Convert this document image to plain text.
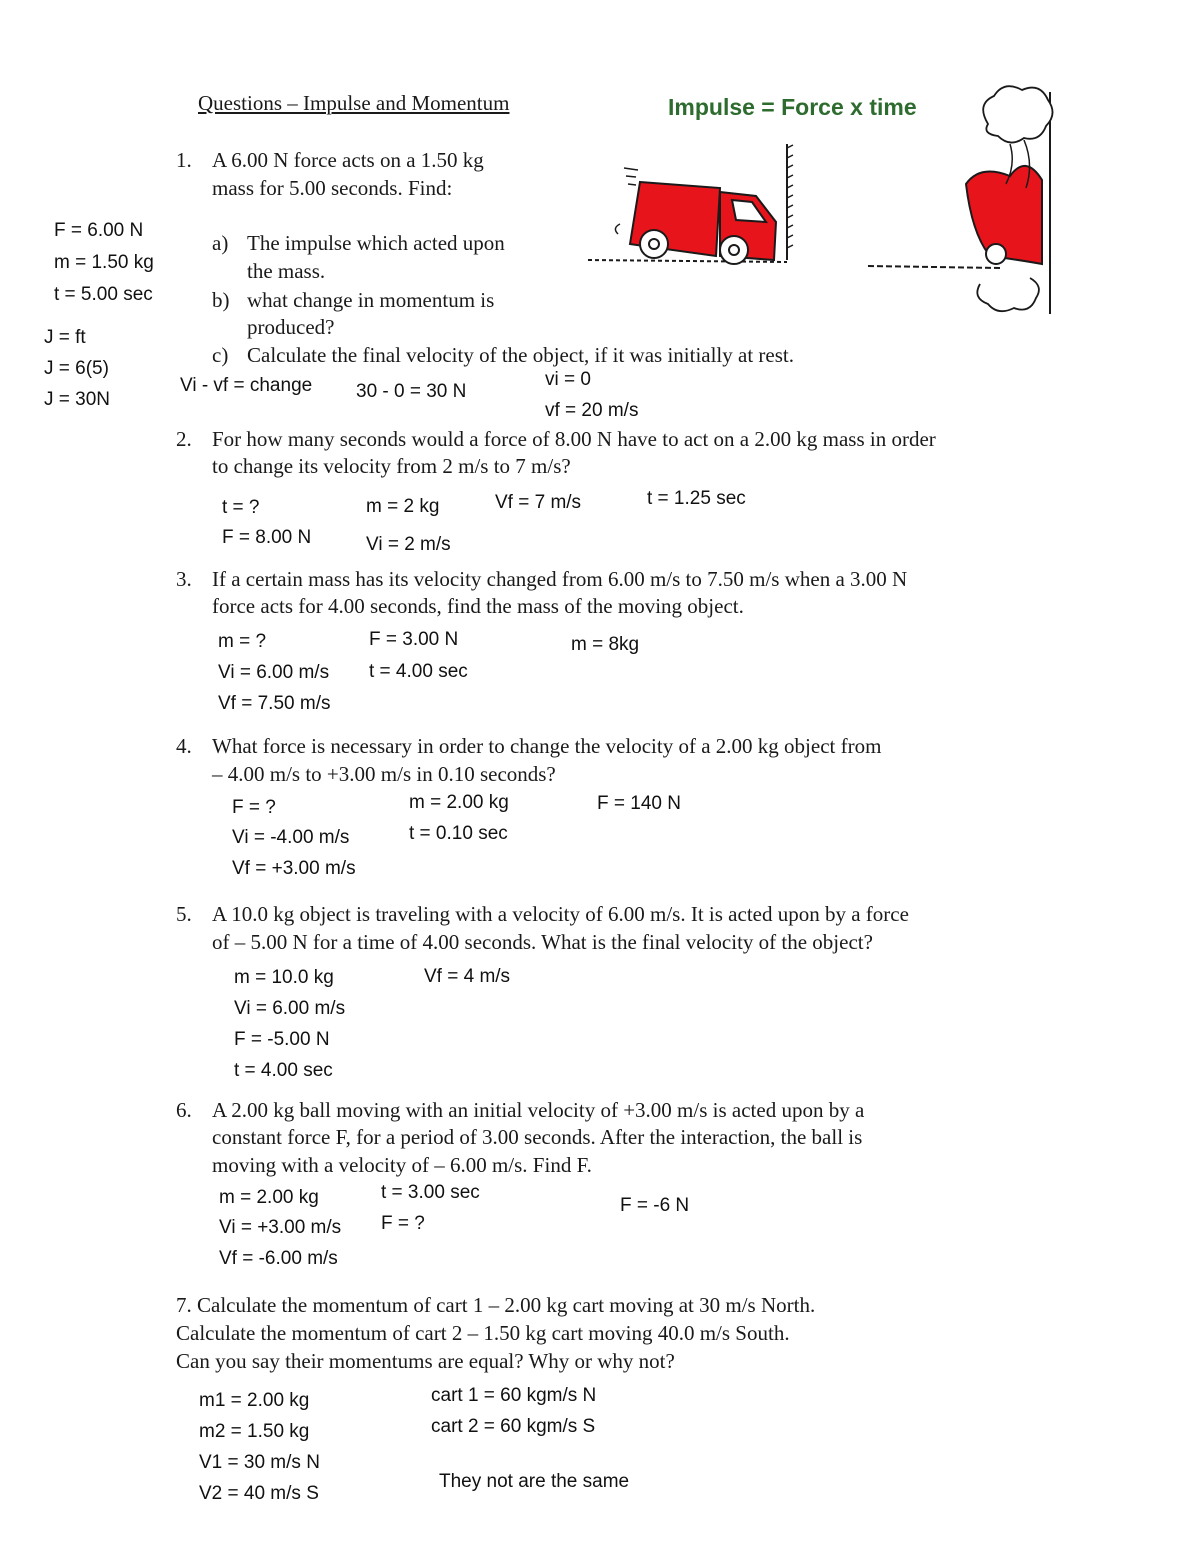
Questions – Impulse and Momentum	Impulse = Force x time
1. A 6.00 N force acts on a 1.50 kg
mass for 5.00 seconds. Find:
a) The impulse which acted upon
the mass.
b) what change in momentum is
produced?
c) Calculate the final velocity of the object, if it was initially at rest.
F = 6.00 N
m = 1.50 kg
t = 5.00 sec
J = ft
J = 6(5)
J = 30N
Vi - vf = change 30 - 0 = 30 N
vi = 0
vf = 20 m/s
2. For how many seconds would a force of 8.00 N have to act on a 2.00 kg mass in order
to change its velocity from 2 m/s to 7 m/s?
t = ?
F = 8.00 N
m = 2 kg
Vi = 2 m/s
Vf = 7 m/s	t = 1.25 sec
3. If a certain mass has its velocity changed from 6.00 m/s to 7.50 m/s when a 3.00 N
force acts for 4.00 seconds, find the mass of the moving object.
m = ?
Vi = 6.00 m/s
Vf = 7.50 m/s
F = 3.00 N
t = 4.00 sec
m = 8kg
4. What force is necessary in order to change the velocity of a 2.00 kg object from
– 4.00 m/s to +3.00 m/s in 0.10 seconds?
F = ?
Vi = -4.00 m/s
Vf = +3.00 m/s
m = 2.00 kg
t = 0.10 sec
F = 140 N
5. A 10.0 kg object is traveling with a velocity of 6.00 m/s. It is acted upon by a force
of – 5.00 N for a time of 4.00 seconds. What is the final velocity of the object?
m = 10.0 kg
Vi = 6.00 m/s
F = -5.00 N
t = 4.00 sec
Vf = 4 m/s
6. A 2.00 kg ball moving with an initial velocity of +3.00 m/s is acted upon by a
constant force F, for a period of 3.00 seconds. After the interaction, the ball is
moving with a velocity of – 6.00 m/s. Find F.
m = 2.00 kg
Vi = +3.00 m/s
Vf = -6.00 m/s
t = 3.00 sec
F = ?
F = -6 N
7. Calculate the momentum of cart 1 – 2.00 kg cart moving at 30 m/s North.
Calculate the momentum of cart 2 – 1.50 kg cart moving 40.0 m/s South.
Can you say their momentums are equal? Why or why not?
m1 = 2.00 kg
m2 = 1.50 kg
V1 = 30 m/s N
V2 = 40 m/s S
cart 1 = 60 kgm/s N
cart 2 = 60 kgm/s S
They not are the same
